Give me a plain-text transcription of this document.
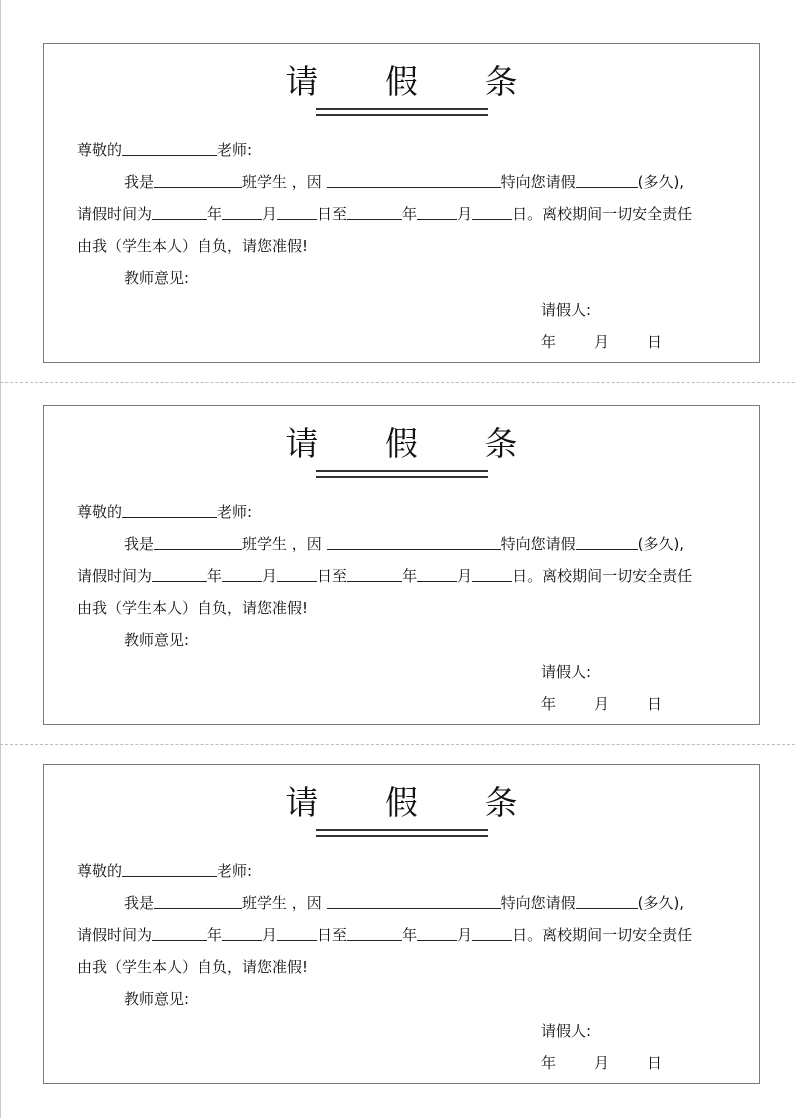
请 假 条
尊敬的	老师:
我是	班学生 ，因	特向您请假	(多久),
请假时间为	年	月	日至	年	月	日。离校期间一切安全责任
由我（学生本人）自负，请您准假!
教师意见:
请假人:
年	月	日
请 假 条
尊敬的	老师:
我是	班学生 ，因	特向您请假	(多久),
请假时间为	年	月	日至	年	月	日。离校期间一切安全责任
由我（学生本人）自负，请您准假!
教师意见:
请假人:
年	月	日
请 假 条
尊敬的	老师:
我是	班学生 ，因	特向您请假	(多久),
请假时间为	年	月	日至	年	月	日。离校期间一切安全责任
由我（学生本人）自负，请您准假!
教师意见:
请假人:
年	月	日
